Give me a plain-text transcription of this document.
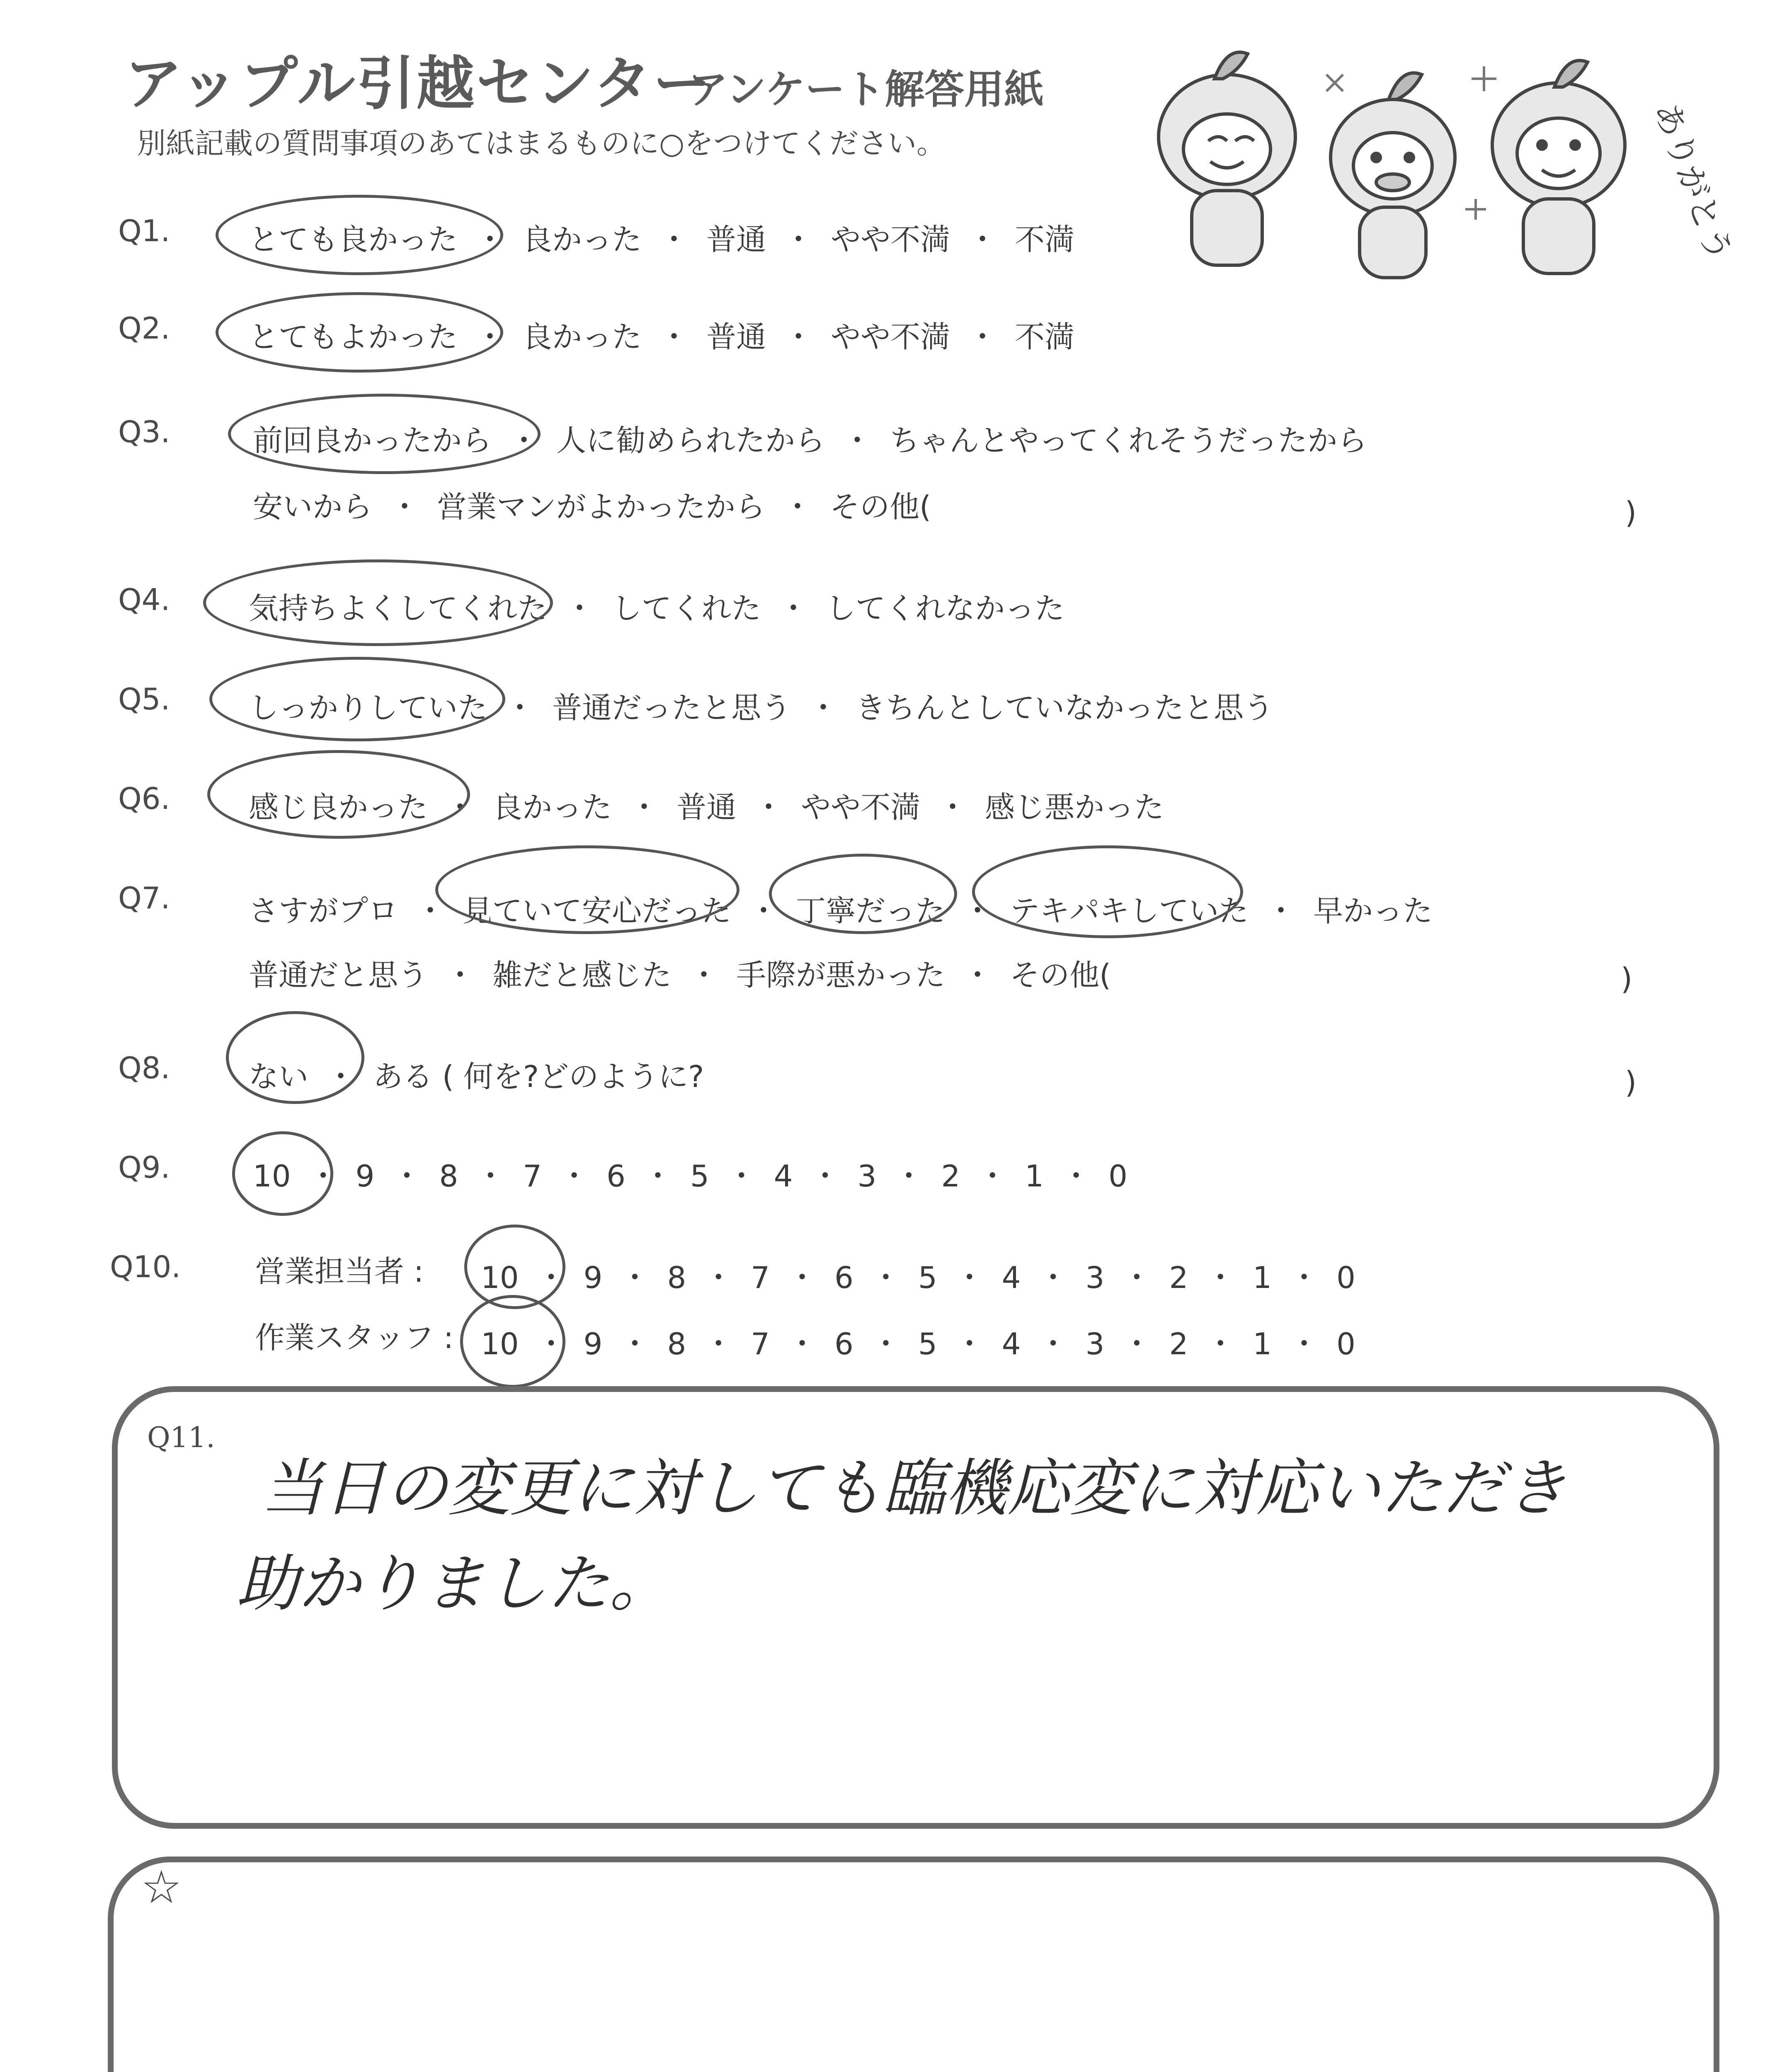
アップル引越センター
アンケート解答用紙
別紙記載の質問事項のあてはまるものに○をつけてください。	ありがとう
Q1.	とても良かった ・ 良かった ・ 普通 ・ やや不満 ・ 不満
Q2.	とてもよかった ・ 良かった ・ 普通 ・ やや不満 ・ 不満
Q3.	前回良かったから ・ 人に勧められたから ・ ちゃんとやってくれそうだったから
安いから ・ 営業マンがよかったから ・ その他(	)
Q4.	気持ちよくしてくれた ・ してくれた ・ してくれなかった
Q5.	しっかりしていた ・ 普通だったと思う ・ きちんとしていなかったと思う
Q6.	感じ良かった ・ 良かった ・ 普通 ・ やや不満 ・ 感じ悪かった
Q7.	さすがプロ ・ 見ていて安心だった ・ 丁寧だった ・ テキパキしていた ・ 早かった
普通だと思う ・ 雑だと感じた ・ 手際が悪かった ・ その他(	)
Q8.	ない ・ ある ( 何を?どのように?	)
Q9.	10 ・ 9 ・ 8 ・ 7 ・ 6 ・ 5 ・ 4 ・ 3 ・ 2 ・ 1 ・ 0
Q10. 営業担当者 : 10 ・ 9 ・ 8 ・ 7 ・ 6 ・ 5 ・ 4 ・ 3 ・ 2 ・ 1 ・ 0
作業スタッフ : 10 ・ 9 ・ 8 ・ 7 ・ 6 ・ 5 ・ 4 ・ 3 ・ 2 ・ 1 ・ 0
Q11.
当日の変更に対しても臨機応変に対応いただき
助かりました。
☆
